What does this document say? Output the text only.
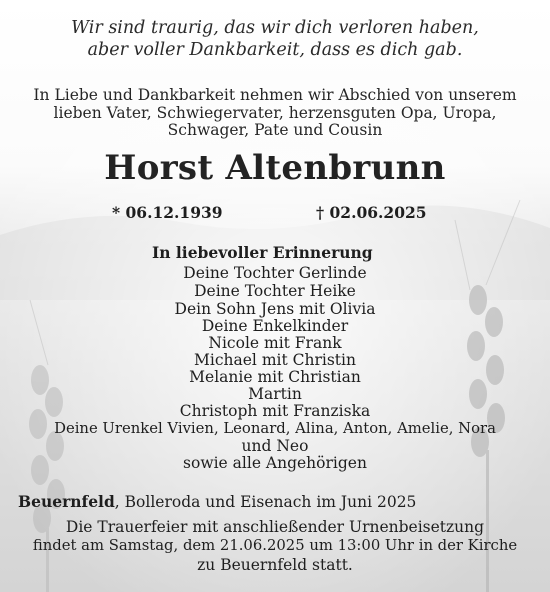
Wir sind traurig, das wir dich verloren haben,
aber voller Dankbarkeit, dass es dich gab.
In Liebe und Dankbarkeit nehmen wir Abschied von unserem
lieben Vater, Schwiegervater, herzensguten Opa, Uropa,
Schwager, Pate und Cousin
Horst Altenbrunn
* 06.12.1939	† 02.06.2025
In liebevoller Erinnerung
Deine Tochter Gerlinde
Deine Tochter Heike
Dein Sohn Jens mit Olivia
Deine Enkelkinder
Nicole mit Frank
Michael mit Christin
Melanie mit Christian
Martin
Christoph mit Franziska
Deine Urenkel Vivien, Leonard, Alina, Anton, Amelie, Nora
und Neo
sowie alle Angehörigen
Beuernfeld, Bolleroda und Eisenach im Juni 2025
Die Trauerfeier mit anschließender Urnenbeisetzung
findet am Samstag, dem 21.06.2025 um 13:00 Uhr in der Kirche
zu Beuernfeld statt.
